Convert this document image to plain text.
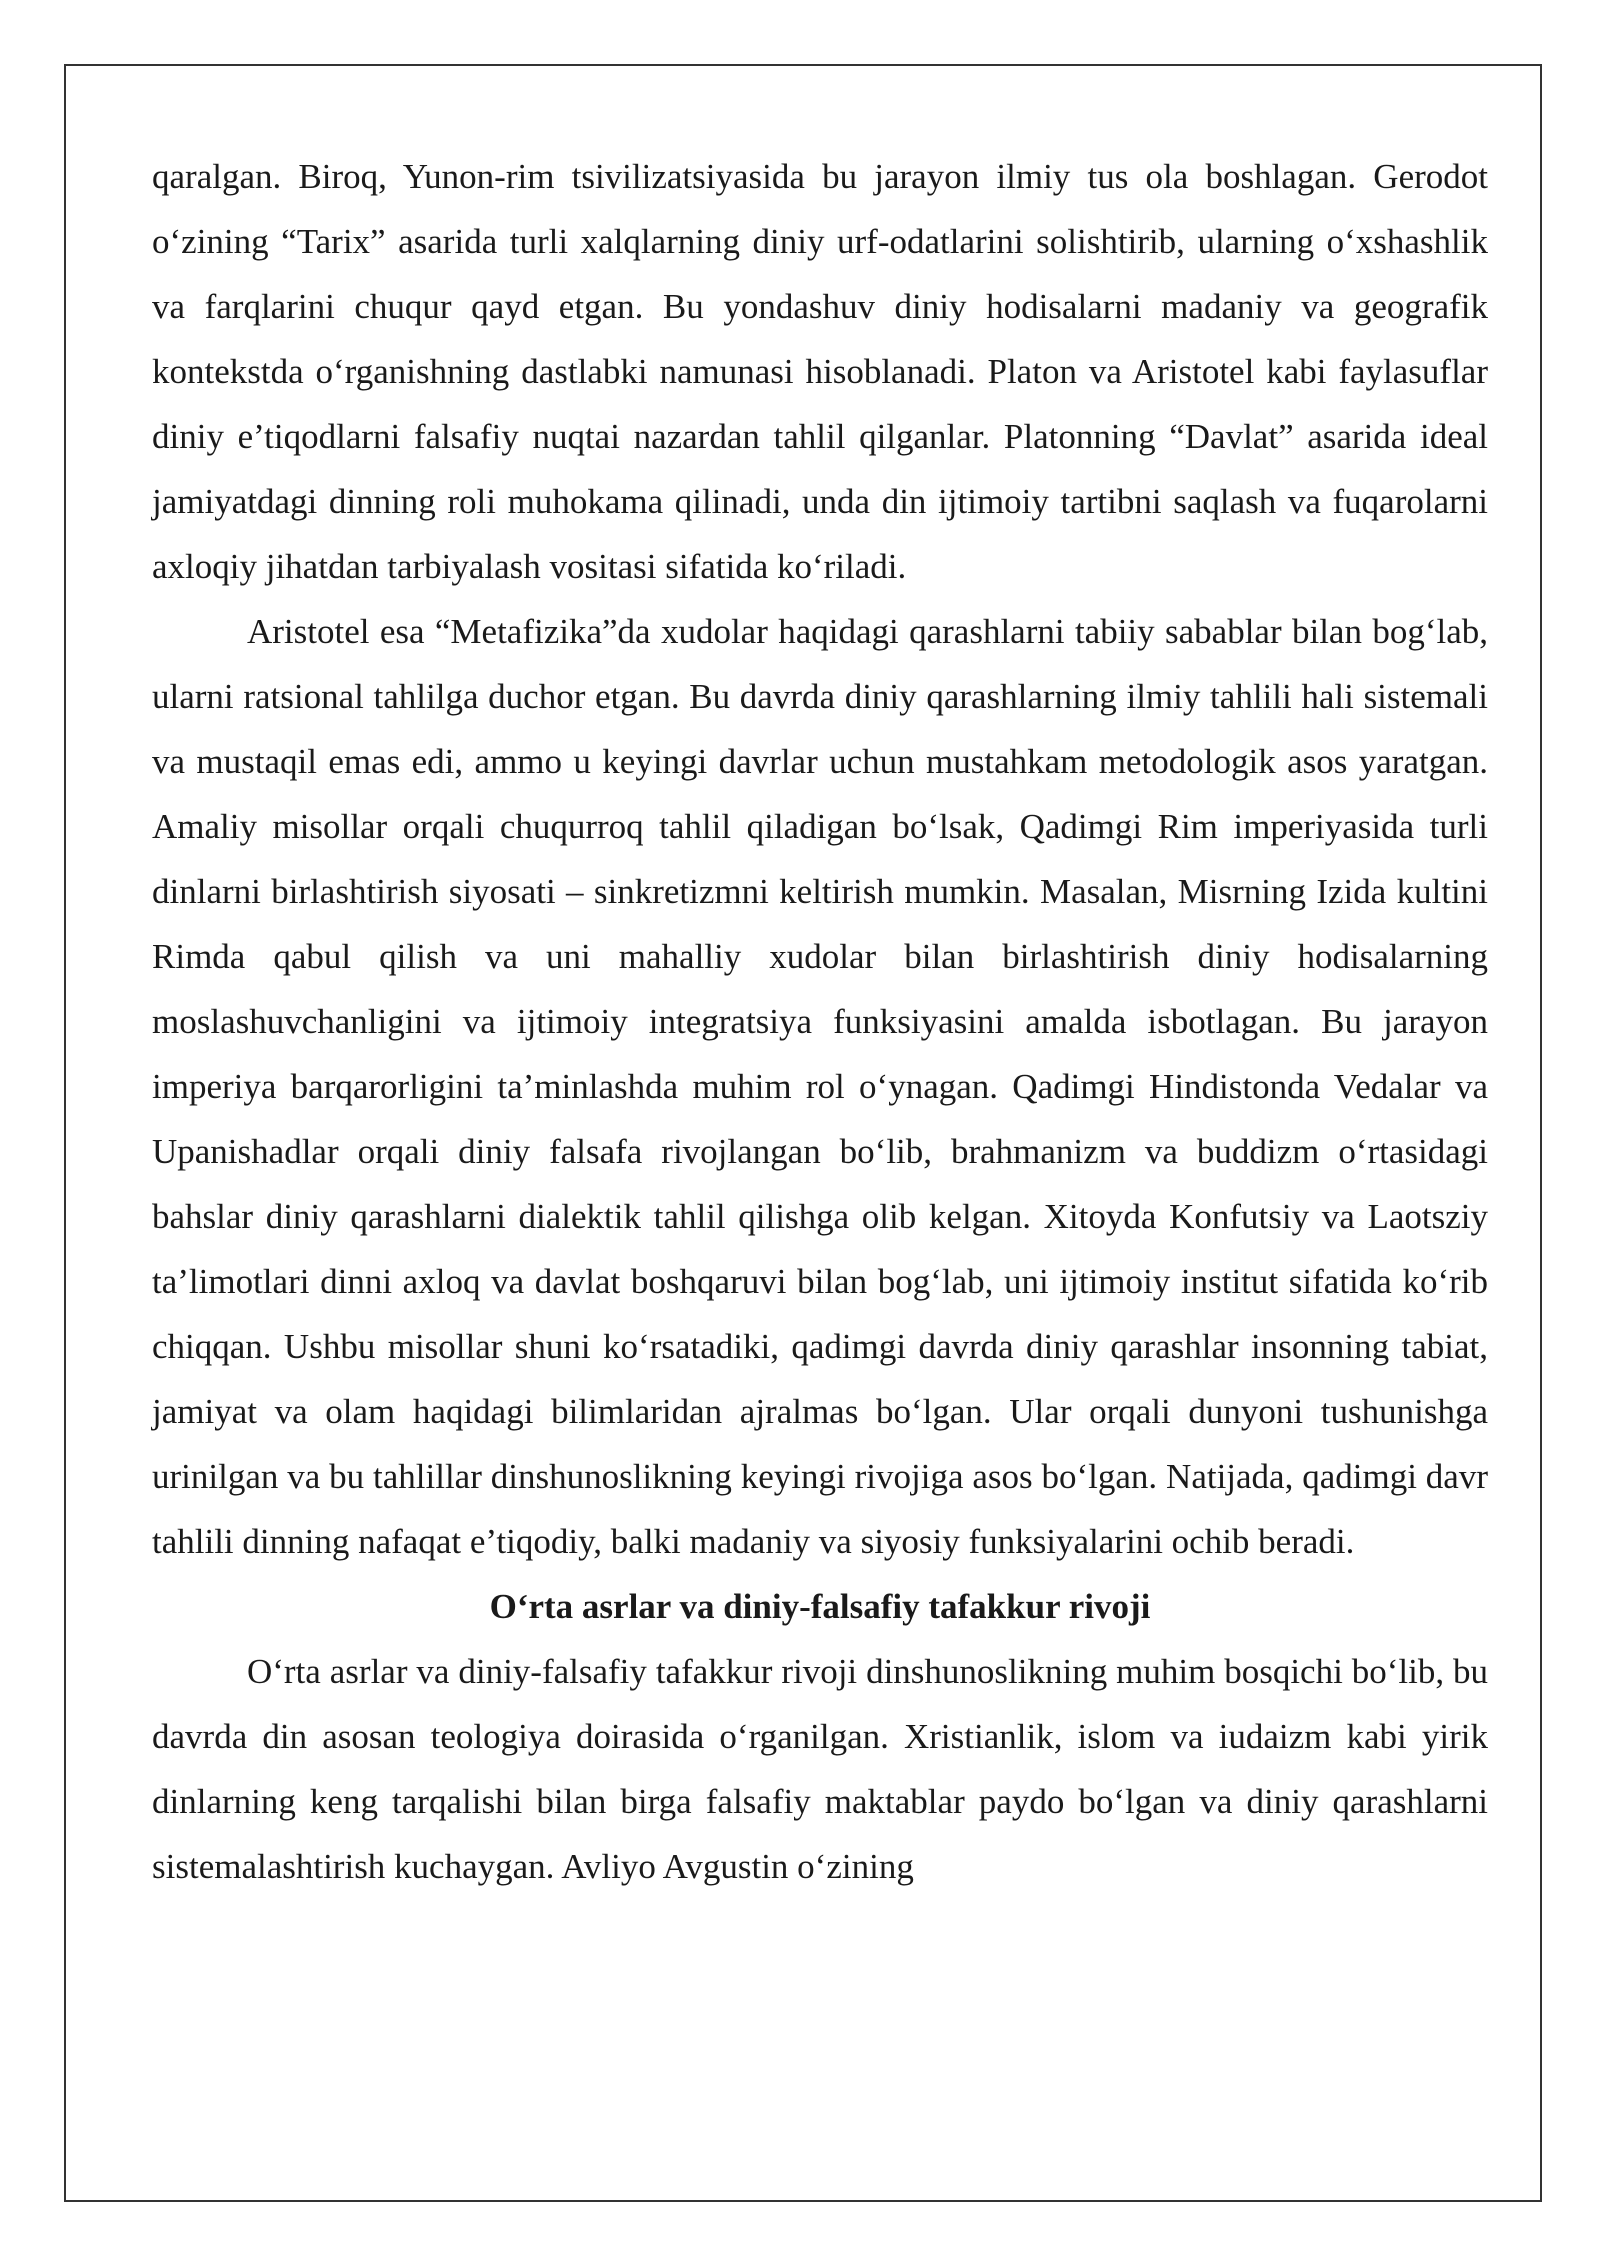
qaralgan. Biroq, Yunon-rim tsivilizatsiyasida bu jarayon ilmiy tus ola boshlagan. Gerodot o‘zining “Tarix” asarida turli xalqlarning diniy urf-odatlarini solishtirib, ularning o‘xshashlik va farqlarini chuqur qayd etgan. Bu yondashuv diniy hodisalarni madaniy va geografik kontekstda o‘rganishning dastlabki namunasi hisoblanadi. Platon va Aristotel kabi faylasuflar diniy e’tiqodlarni falsafiy nuqtai nazardan tahlil qilganlar. Platonning “Davlat” asarida ideal jamiyatdagi dinning roli muhokama qilinadi, unda din ijtimoiy tartibni saqlash va fuqarolarni axloqiy jihatdan tarbiyalash vositasi sifatida ko‘riladi.

Aristotel esa “Metafizika”da xudolar haqidagi qarashlarni tabiiy sabablar bilan bog‘lab, ularni ratsional tahlilga duchor etgan. Bu davrda diniy qarashlarning ilmiy tahlili hali sistemali va mustaqil emas edi, ammo u keyingi davrlar uchun mustahkam metodologik asos yaratgan. Amaliy misollar orqali chuqurroq tahlil qiladigan bo‘lsak, Qadimgi Rim imperiyasida turli dinlarni birlashtirish siyosati – sinkretizmni keltirish mumkin. Masalan, Misrning Izida kultini Rimda qabul qilish va uni mahalliy xudolar bilan birlashtirish diniy hodisalarning moslashuvchanligini va ijtimoiy integratsiya funksiyasini amalda isbotlagan. Bu jarayon imperiya barqarorligini ta’minlashda muhim rol o‘ynagan. Qadimgi Hindistonda Vedalar va Upanishadlar orqali diniy falsafa rivojlangan bo‘lib, brahmanizm va buddizm o‘rtasidagi bahslar diniy qarashlarni dialektik tahlil qilishga olib kelgan. Xitoyda Konfutsiy va Laotsziy ta’limotlari dinni axloq va davlat boshqaruvi bilan bog‘lab, uni ijtimoiy institut sifatida ko‘rib chiqqan. Ushbu misollar shuni ko‘rsatadiki, qadimgi davrda diniy qarashlar insonning tabiat, jamiyat va olam haqidagi bilimlaridan ajralmas bo‘lgan. Ular orqali dunyoni tushunishga urinilgan va bu tahlillar dinshunoslikning keyingi rivojiga asos bo‘lgan. Natijada, qadimgi davr tahlili dinning nafaqat e’tiqodiy, balki madaniy va siyosiy funksiyalarini ochib beradi.

O‘rta asrlar va diniy-falsafiy tafakkur rivoji

O‘rta asrlar va diniy-falsafiy tafakkur rivoji dinshunoslikning muhim bosqichi bo‘lib, bu davrda din asosan teologiya doirasida o‘rganilgan. Xristianlik, islom va iudaizm kabi yirik dinlarning keng tarqalishi bilan birga falsafiy maktablar paydo bo‘lgan va diniy qarashlarni sistemalashtirish kuchaygan. Avliyo Avgustin o‘zining
